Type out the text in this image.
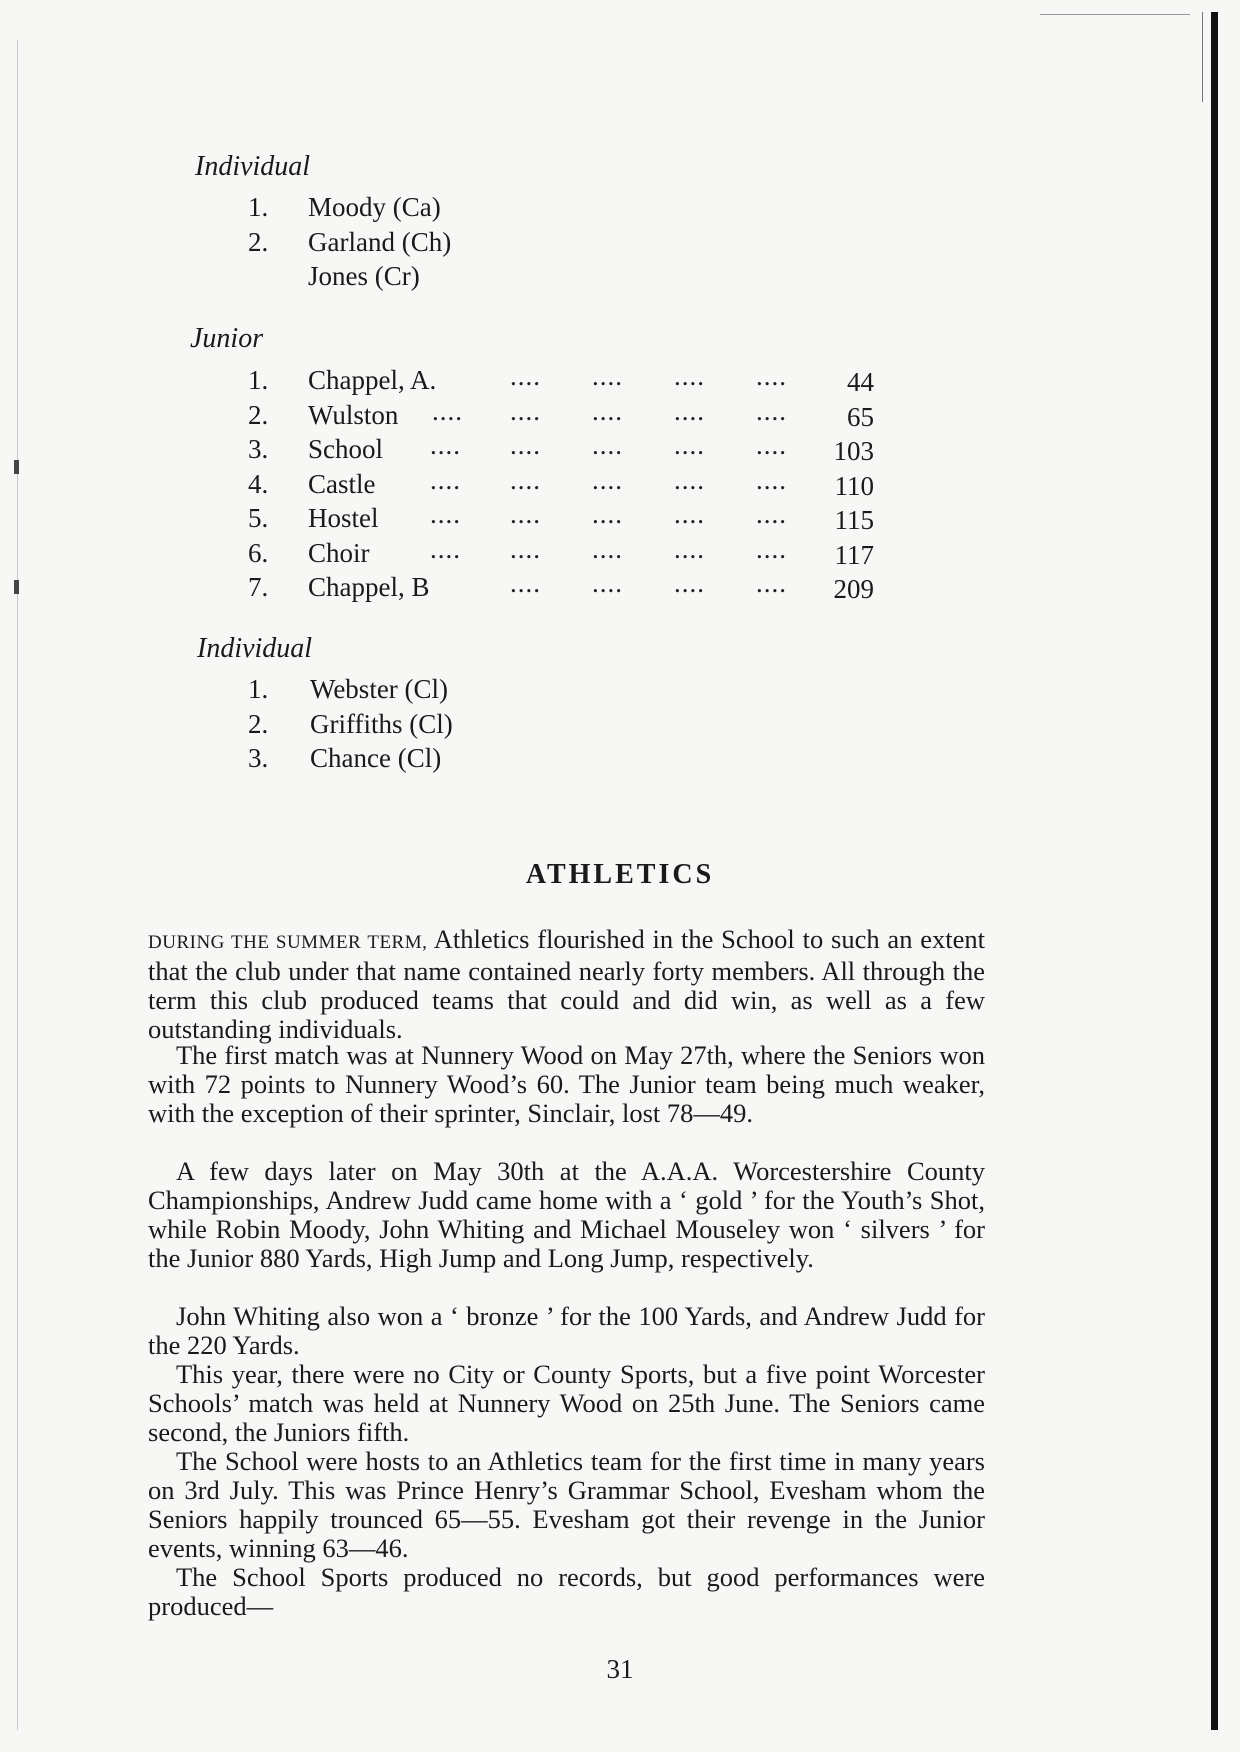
Individual
1. Moody (Ca)
2. Garland (Ch)
Jones (Cr)
Junior
1. Chappel, A.	.... .... .... ....	44
2. Wulston .... .... .... .... ....	65
3. School .... .... .... .... .... 103
4. Castle .... .... .... .... .... 110
5. Hostel .... .... .... .... .... 115
6. Choir .... .... .... .... .... 117
7. Chappel, B	.... .... .... .... 209
Individual
1. Webster (Cl)
2. Griffiths (Cl)
3. Chance (Cl)
ATHLETICS

DURING THE SUMMER TERM, Athletics flourished in the School to such an extent that the club under that name contained nearly forty members. All through the term this club produced teams that could and did win, as well as a few outstanding individuals.

The first match was at Nunnery Wood on May 27th, where the Seniors won with 72 points to Nunnery Wood’s 60. The Junior team being much weaker, with the exception of their sprinter, Sinclair, lost 78—49.

A few days later on May 30th at the A.A.A. Worcestershire County Championships, Andrew Judd came home with a ‘ gold ’ for the Youth’s Shot, while Robin Moody, John Whiting and Michael Mouseley won ‘ silvers ’ for the Junior 880 Yards, High Jump and Long Jump, respectively.

John Whiting also won a ‘ bronze ’ for the 100 Yards, and Andrew Judd for the 220 Yards.

This year, there were no City or County Sports, but a five point Worcester Schools’ match was held at Nunnery Wood on 25th June. The Seniors came second, the Juniors fifth.

The School were hosts to an Athletics team for the first time in many years on 3rd July. This was Prince Henry’s Grammar School, Evesham whom the Seniors happily trounced 65—55. Evesham got their revenge in the Junior events, winning 63—46.

The School Sports produced no records, but good performances were produced—

31
